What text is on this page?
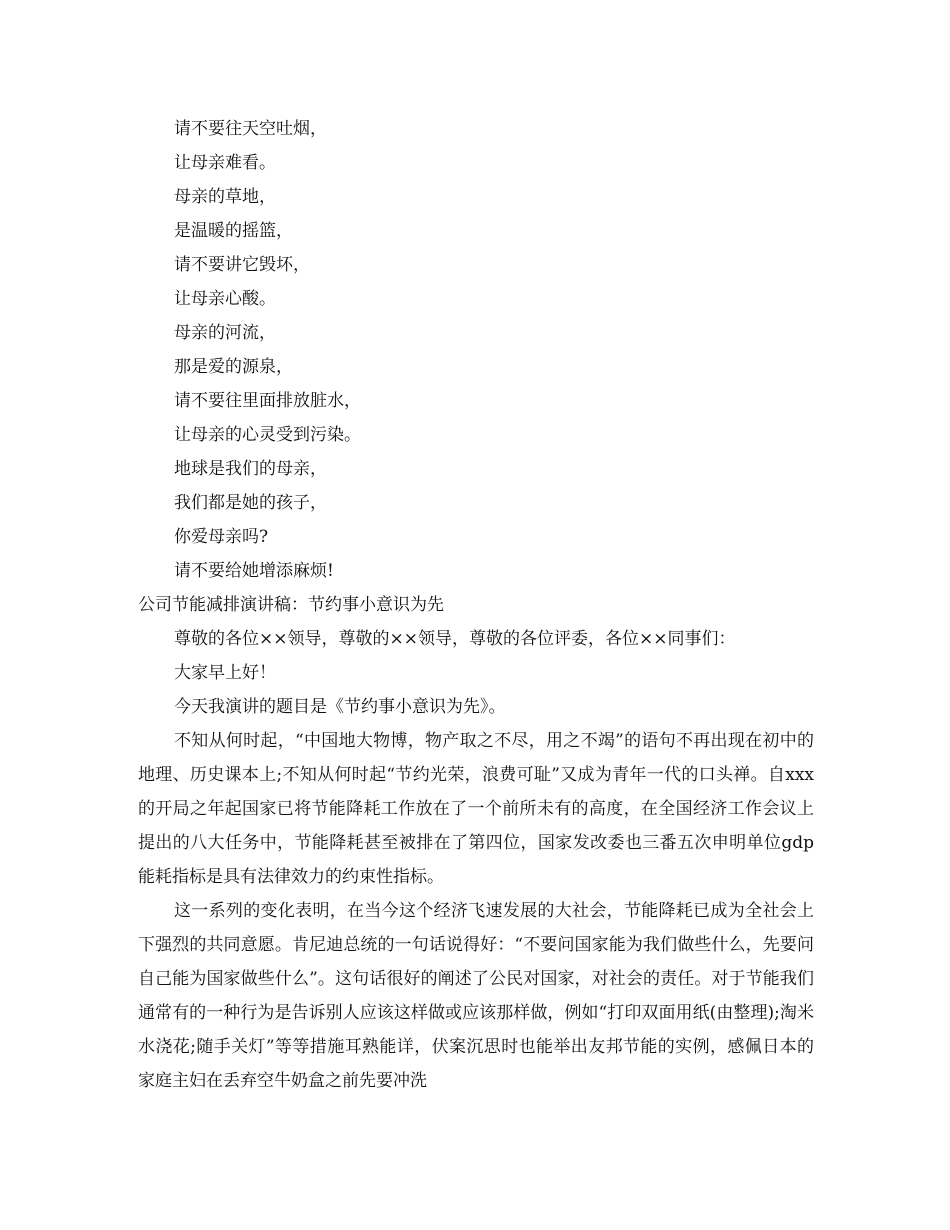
请不要往天空吐烟，
让母亲难看。
母亲的草地，
是温暖的摇篮，
请不要讲它毁坏，
让母亲心酸。
母亲的河流，
那是爱的源泉，
请不要往里面排放脏水，
让母亲的心灵受到污染。
地球是我们的母亲，
我们都是她的孩子，
你爱母亲吗?
请不要给她增添麻烦!
公司节能减排演讲稿：节约事小意识为先
尊敬的各位××领导，尊敬的××领导，尊敬的各位评委，各位××同事们：
大家早上好！
今天我演讲的题目是《节约事小意识为先》。

不知从何时起，“中国地大物博，物产取之不尽，用之不竭”的语句不再出现在初中的地理、历史课本上;不知从何时起“节约光荣，浪费可耻”又成为青年一代的口头禅。自xxx的开局之年起国家已将节能降耗工作放在了一个前所未有的高度，在全国经济工作会议上提出的八大任务中，节能降耗甚至被排在了第四位，国家发改委也三番五次申明单位gdp能耗指标是具有法律效力的约束性指标。

这一系列的变化表明，在当今这个经济飞速发展的大社会，节能降耗已成为全社会上下强烈的共同意愿。肯尼迪总统的一句话说得好：“不要问国家能为我们做些什么，先要问自己能为国家做些什么”。这句话很好的阐述了公民对国家，对社会的责任。对于节能我们通常有的一种行为是告诉别人应该这样做或应该那样做，例如“打印双面用纸(由整理);淘米水浇花;随手关灯”等等措施耳熟能详，伏案沉思时也能举出友邦节能的实例，感佩日本的家庭主妇在丢弃空牛奶盒之前先要冲洗
